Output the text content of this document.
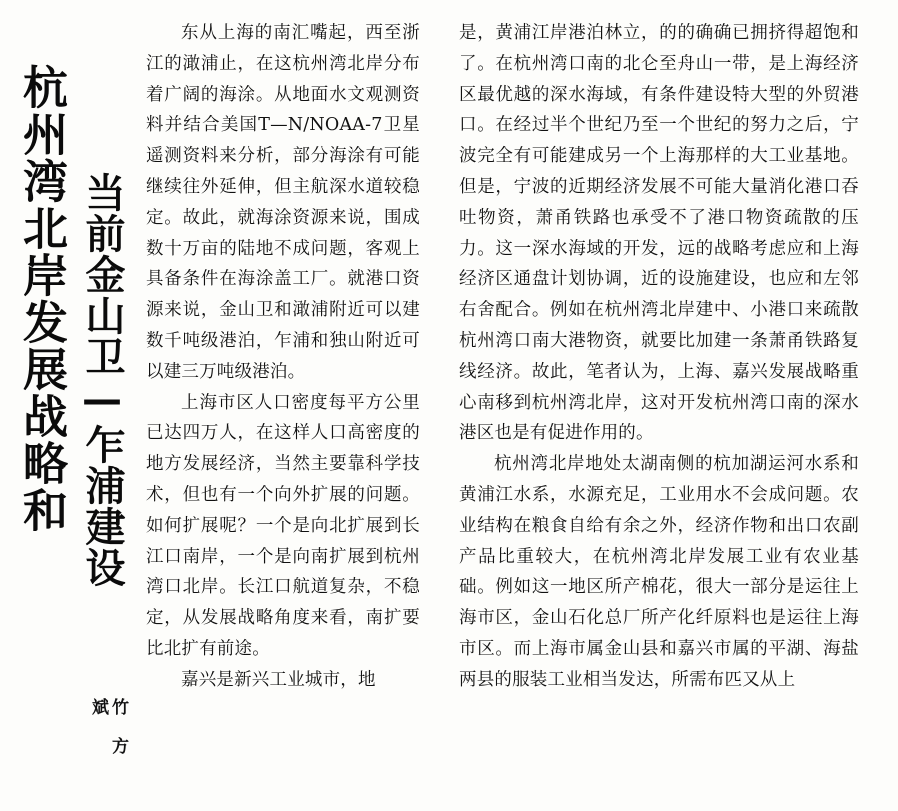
杭州湾北岸发展战略和 当前金山卫—乍浦建设
竹方斌

东从上海的南汇嘴起，西至浙江的澉浦止，在这杭州湾北岸分布着广阔的海涂。从地面水文观测资料并结合美国T—N/NOAA-7卫星遥测资料来分析，部分海涂有可能继续往外延伸，但主航深水道较稳定。故此，就海涂资源来说，围成数十万亩的陆地不成问题，客观上具备条件在海涂盖工厂。就港口资源来说，金山卫和澉浦附近可以建数千吨级港泊，乍浦和独山附近可以建三万吨级港泊。

上海市区人口密度每平方公里已达四万人，在这样人口高密度的地方发展经济，当然主要靠科学技术，但也有一个向外扩展的问题。如何扩展呢？一个是向北扩展到长江口南岸，一个是向南扩展到杭州湾口北岸。长江口航道复杂，不稳定，从发展战略角度来看，南扩要比北扩有前途。

嘉兴是新兴工业城市，地

是，黄浦江岸港泊林立，的的确确已拥挤得超饱和了。在杭州湾口南的北仑至舟山一带，是上海经济区最优越的深水海域，有条件建设特大型的外贸港口。在经过半个世纪乃至一个世纪的努力之后，宁波完全有可能建成另一个上海那样的大工业基地。但是，宁波的近期经济发展不可能大量消化港口吞吐物资，萧甬铁路也承受不了港口物资疏散的压力。这一深水海域的开发，远的战略考虑应和上海经济区通盘计划协调，近的设施建设，也应和左邻右舍配合。例如在杭州湾北岸建中、小港口来疏散杭州湾口南大港物资，就要比加建一条萧甬铁路复线经济。故此，笔者认为，上海、嘉兴发展战略重心南移到杭州湾北岸，这对开发杭州湾口南的深水港区也是有促进作用的。

杭州湾北岸地处太湖南侧的杭加湖运河水系和黄浦江水系，水源充足，工业用水不会成问题。农业结构在粮食自给有余之外，经济作物和出口农副产品比重较大，在杭州湾北岸发展工业有农业基础。例如这一地区所产棉花，很大一部分是运往上海市区，金山石化总厂所产化纤原料也是运往上海市区。而上海市属金山县和嘉兴市属的平湖、海盐两县的服装工业相当发达，所需布匹又从上
